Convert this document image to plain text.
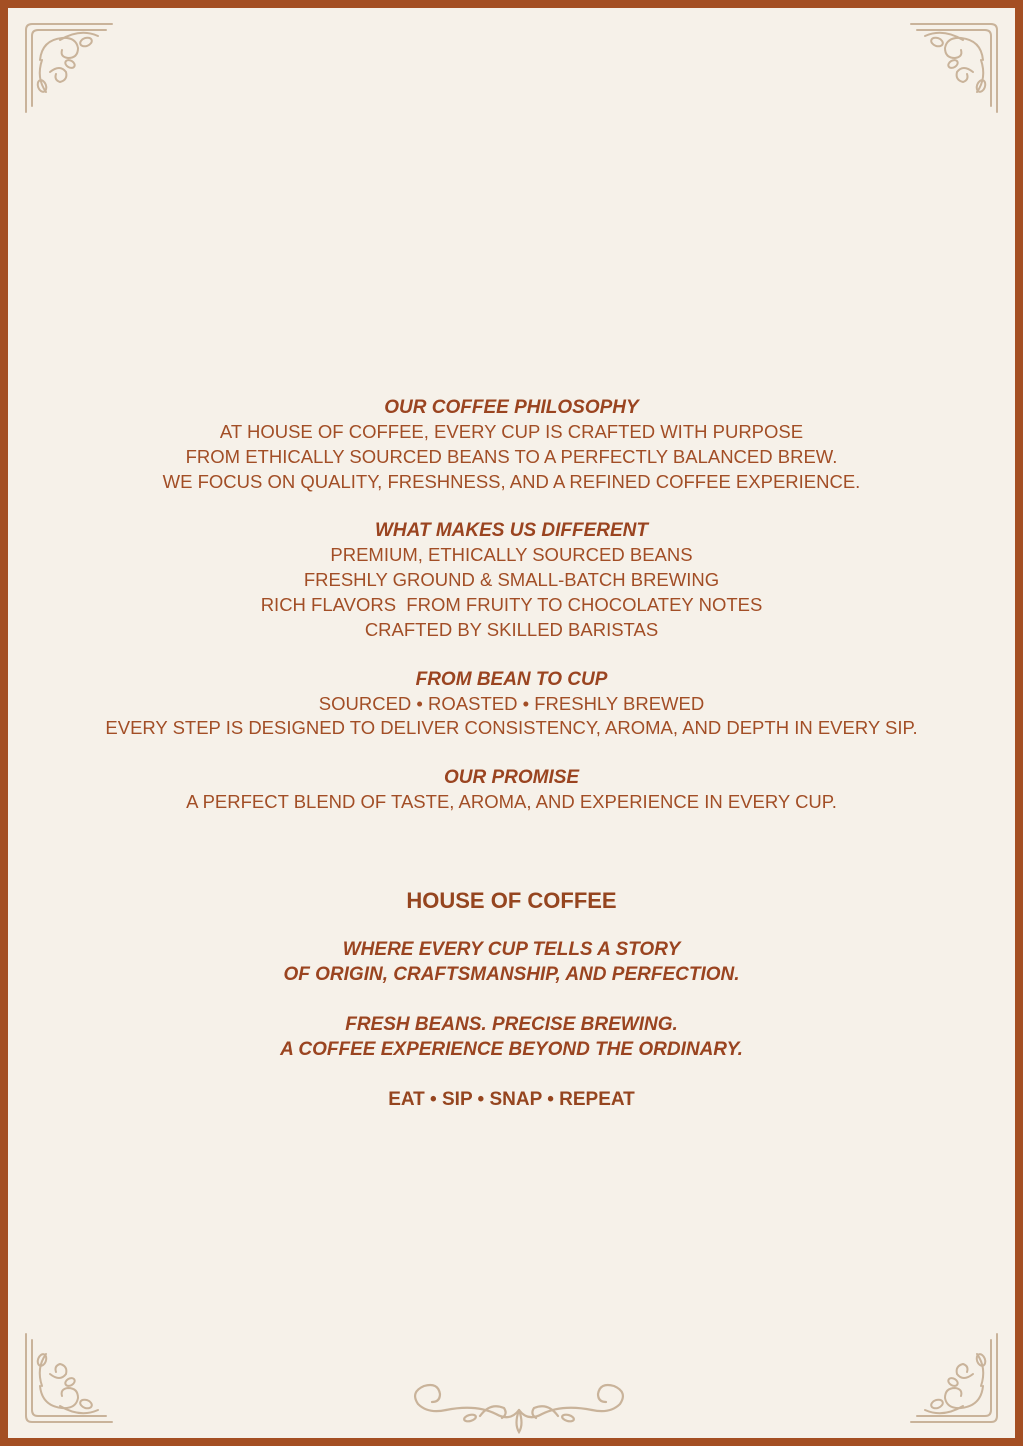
OUR COFFEE PHILOSOPHY

AT HOUSE OF COFFEE, EVERY CUP IS CRAFTED WITH PURPOSE

FROM ETHICALLY SOURCED BEANS TO A PERFECTLY BALANCED BREW.

WE FOCUS ON QUALITY, FRESHNESS, AND A REFINED COFFEE EXPERIENCE.

WHAT MAKES US DIFFERENT

PREMIUM, ETHICALLY SOURCED BEANS

FRESHLY GROUND & SMALL-BATCH BREWING

RICH FLAVORS  FROM FRUITY TO CHOCOLATEY NOTES

CRAFTED BY SKILLED BARISTAS

FROM BEAN TO CUP

SOURCED • ROASTED • FRESHLY BREWED

EVERY STEP IS DESIGNED TO DELIVER CONSISTENCY, AROMA, AND DEPTH IN EVERY SIP.

OUR PROMISE

A PERFECT BLEND OF TASTE, AROMA, AND EXPERIENCE IN EVERY CUP.

HOUSE OF COFFEE

WHERE EVERY CUP TELLS A STORY

OF ORIGIN, CRAFTSMANSHIP, AND PERFECTION.

FRESH BEANS. PRECISE BREWING.

A COFFEE EXPERIENCE BEYOND THE ORDINARY.

EAT • SIP • SNAP • REPEAT
